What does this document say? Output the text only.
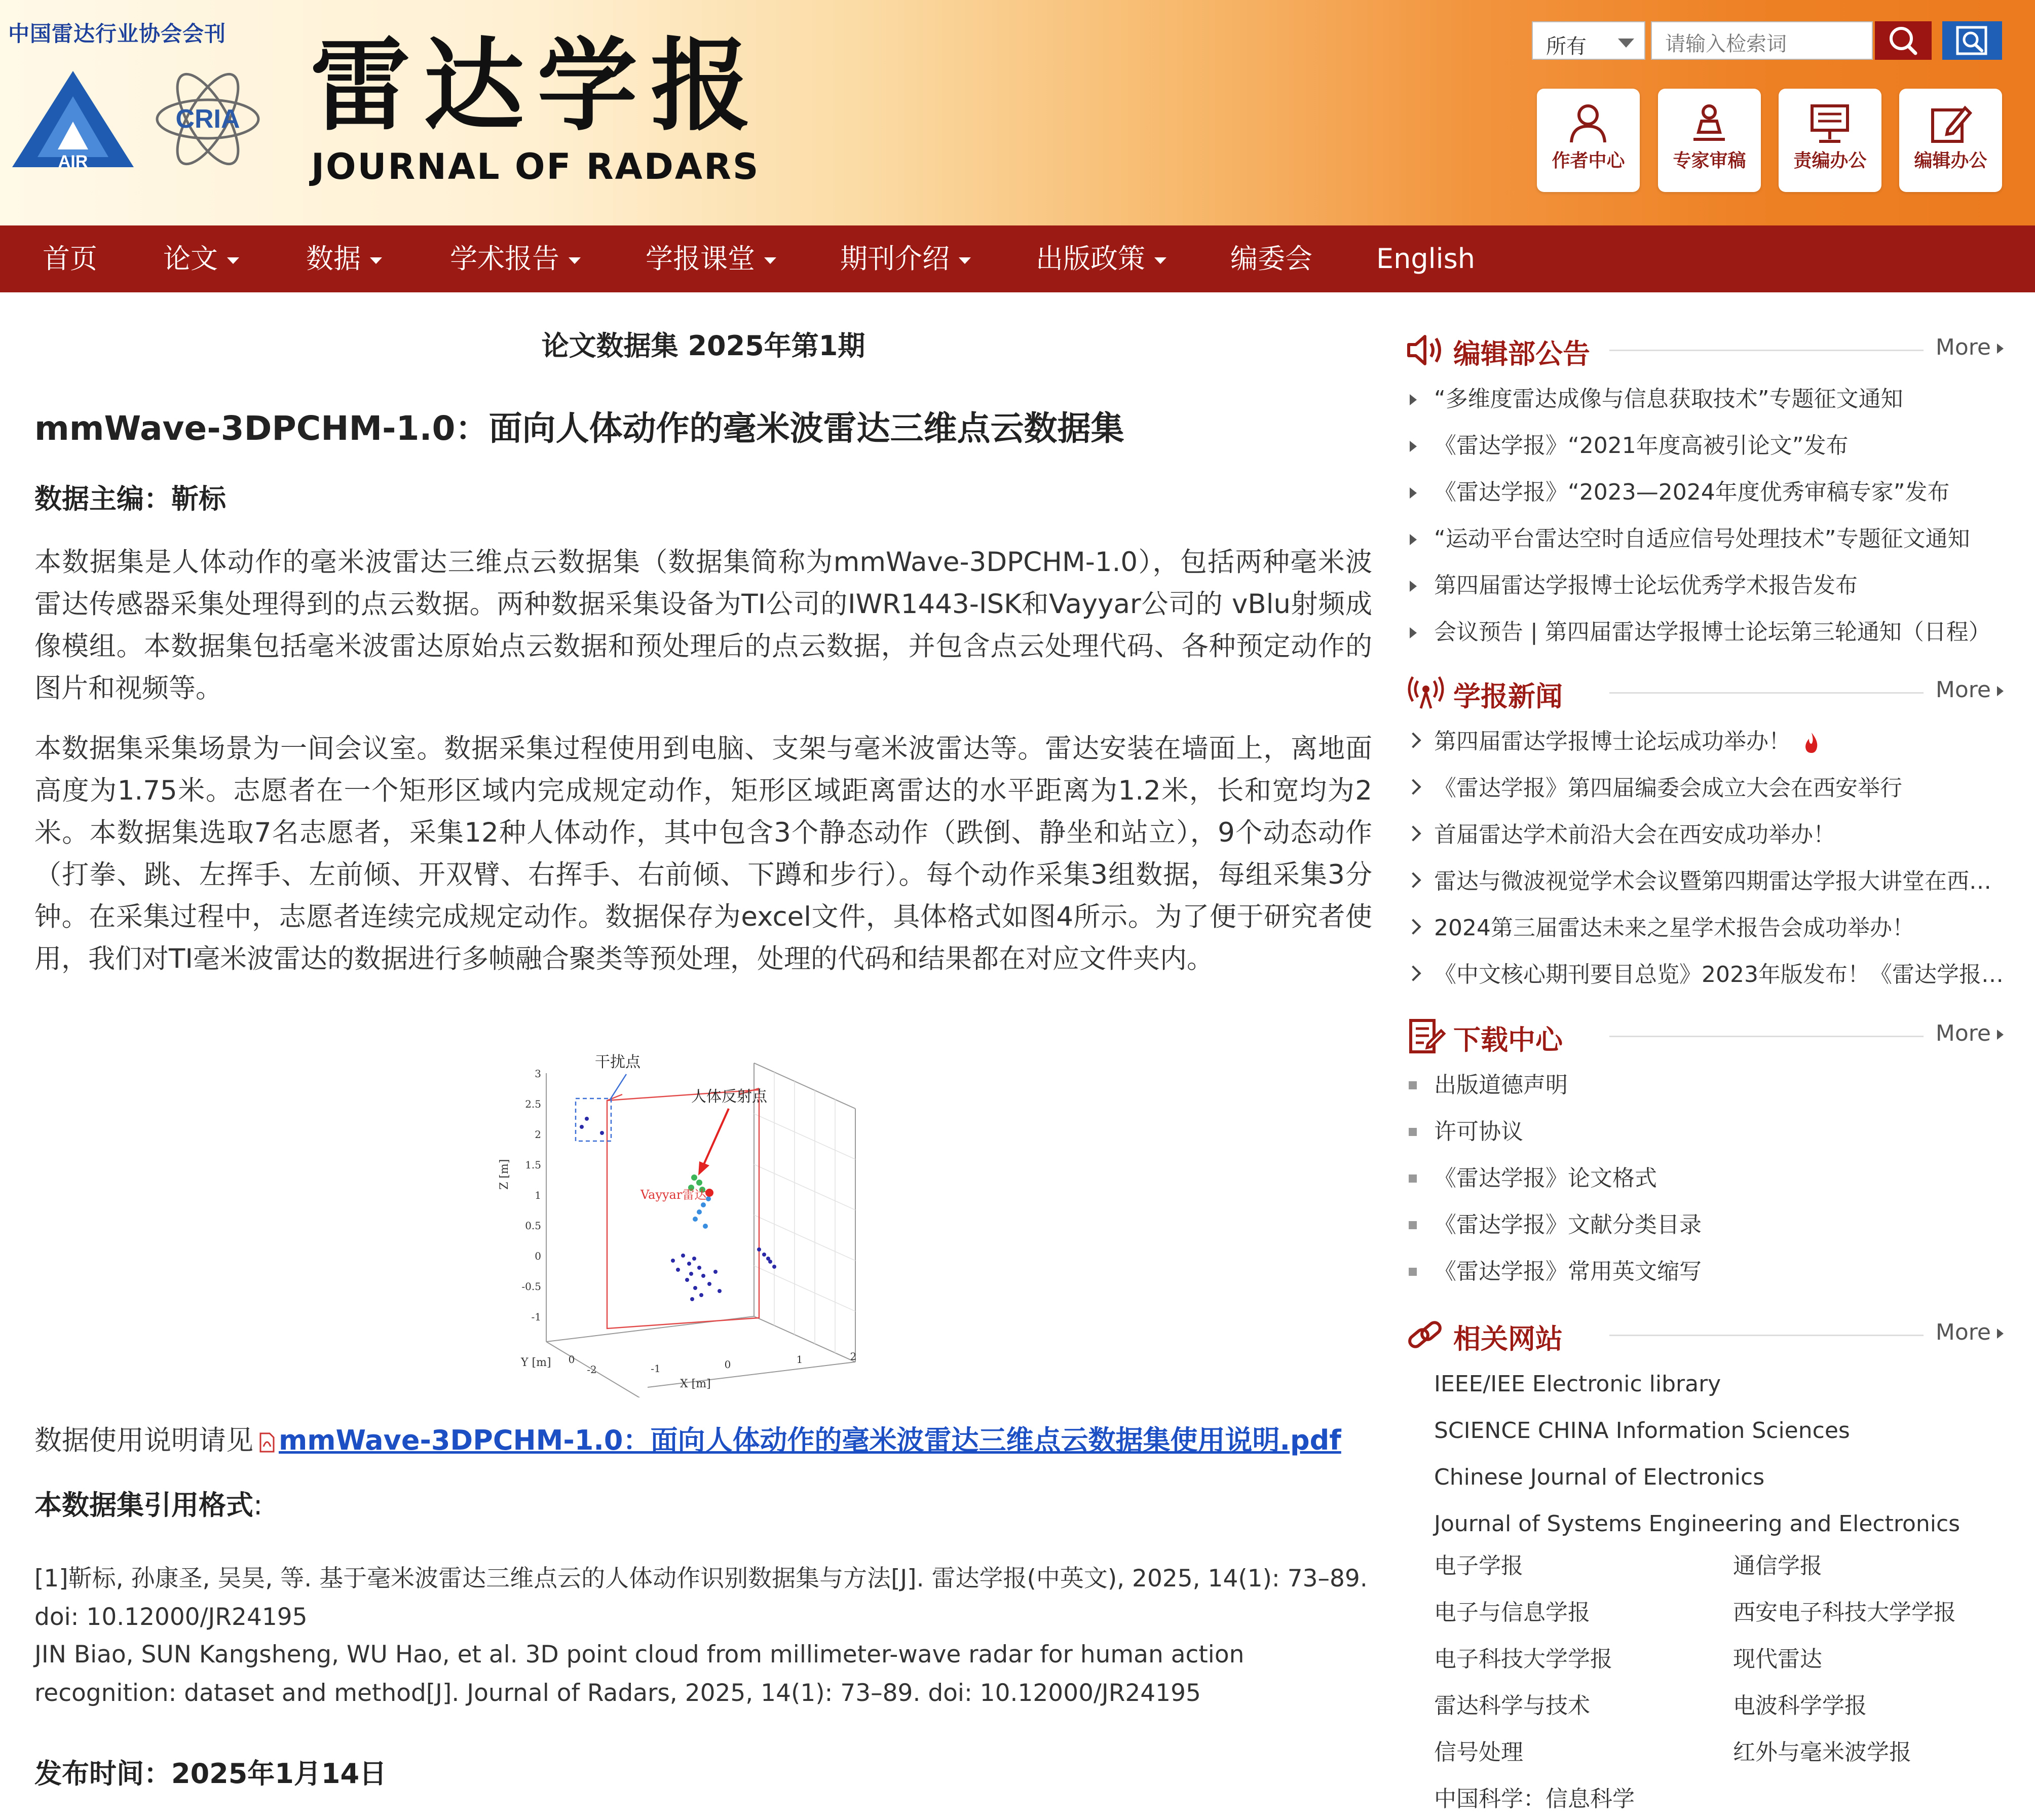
中国雷达行业协会会刊
AIR
CRIA 雷达学报
JOURNAL OF RADARS
所有
请输入检索词
作者中心	专家审稿	责编办公	编辑办公
首页 论文	数据	学术报告	学报课堂	期刊介绍	出版政策	编委会 English
论文数据集 2025年第1期
mmWave-3DPCHM-1.0：面向人体动作的毫米波雷达三维点云数据集
数据主编：靳标

本数据集是人体动作的毫米波雷达三维点云数据集（数据集简称为mmWave-3DPCHM-1.0），包括两种毫米波雷达传感器采集处理得到的点云数据。两种数据采集设备为TI公司的IWR1443-ISK和Vayyar公司的 vBlu射频成像模组。本数据集包括毫米波雷达原始点云数据和预处理后的点云数据，并包含点云处理代码、各种预定动作的图片和视频等。

本数据集采集场景为一间会议室。数据采集过程使用到电脑、支架与毫米波雷达等。雷达安装在墙面上，离地面高度为1.75米。志愿者在一个矩形区域内完成规定动作，矩形区域距离雷达的水平距离为1.2米，长和宽均为2米。本数据集选取7名志愿者，采集12种人体动作，其中包含3个静态动作（跌倒、静坐和站立），9个动态动作（打拳、跳、左挥手、左前倾、开双臂、右挥手、右前倾、下蹲和步行）。每个动作采集3组数据，每组采集3分钟。在采集过程中，志愿者连续完成规定动作。数据保存为excel文件，具体格式如图4所示。为了便于研究者使用，我们对TI毫米波雷达的数据进行多帧融合聚类等预处理，处理的代码和结果都在对应文件夹内。

干扰点
人体反射点
Vayyar雷达
Z [m]
X [m]
Y [m]
3
2.5
2
1.5
1
0.5
0
-0.5
-1
-1	0	1	2
0
-2
数据使用说明请见 mmWave-3DPCHM-1.0：面向人体动作的毫米波雷达三维点云数据集使用说明.pdf
本数据集引用格式:

[1]靳标, 孙康圣, 吴昊, 等. 基于毫米波雷达三维点云的人体动作识别数据集与方法[J]. 雷达学报(中英文), 2025, 14(1): 73–89. doi: 10.12000/JR24195

JIN Biao, SUN Kangsheng, WU Hao, et al. 3D point cloud from millimeter-wave radar for human action recognition: dataset and method[J]. Journal of Radars, 2025, 14(1): 73–89. doi: 10.12000/JR24195

发布时间：2025年1月14日
编辑部公告	More
“多维度雷达成像与信息获取技术”专题征文通知
《雷达学报》“2021年度高被引论文”发布
《雷达学报》“2023—2024年度优秀审稿专家”发布
“运动平台雷达空时自适应信号处理技术”专题征文通知
第四届雷达学报博士论坛优秀学术报告发布
会议预告 | 第四届雷达学报博士论坛第三轮通知（日程）
学报新闻	More
第四届雷达学报博士论坛成功举办！
《雷达学报》第四届编委会成立大会在西安举行
首届雷达学术前沿大会在西安成功举办！
雷达与微波视觉学术会议暨第四期雷达学报大讲堂在西…
2024第三届雷达未来之星学术报告会成功举办！
《中文核心期刊要目总览》2023年版发布！《雷达学报…
下载中心	More
出版道德声明
许可协议
《雷达学报》论文格式
《雷达学报》文献分类目录
《雷达学报》常用英文缩写
相关网站	More
IEEE/IEE Electronic library
SCIENCE CHINA Information Sciences
Chinese Journal of Electronics
Journal of Systems Engineering and Electronics
电子学报	通信学报
电子与信息学报	西安电子科技大学学报
电子科技大学学报	现代雷达
雷达科学与技术	电波科学学报
信号处理	红外与毫米波学报
中国科学：信息科学
